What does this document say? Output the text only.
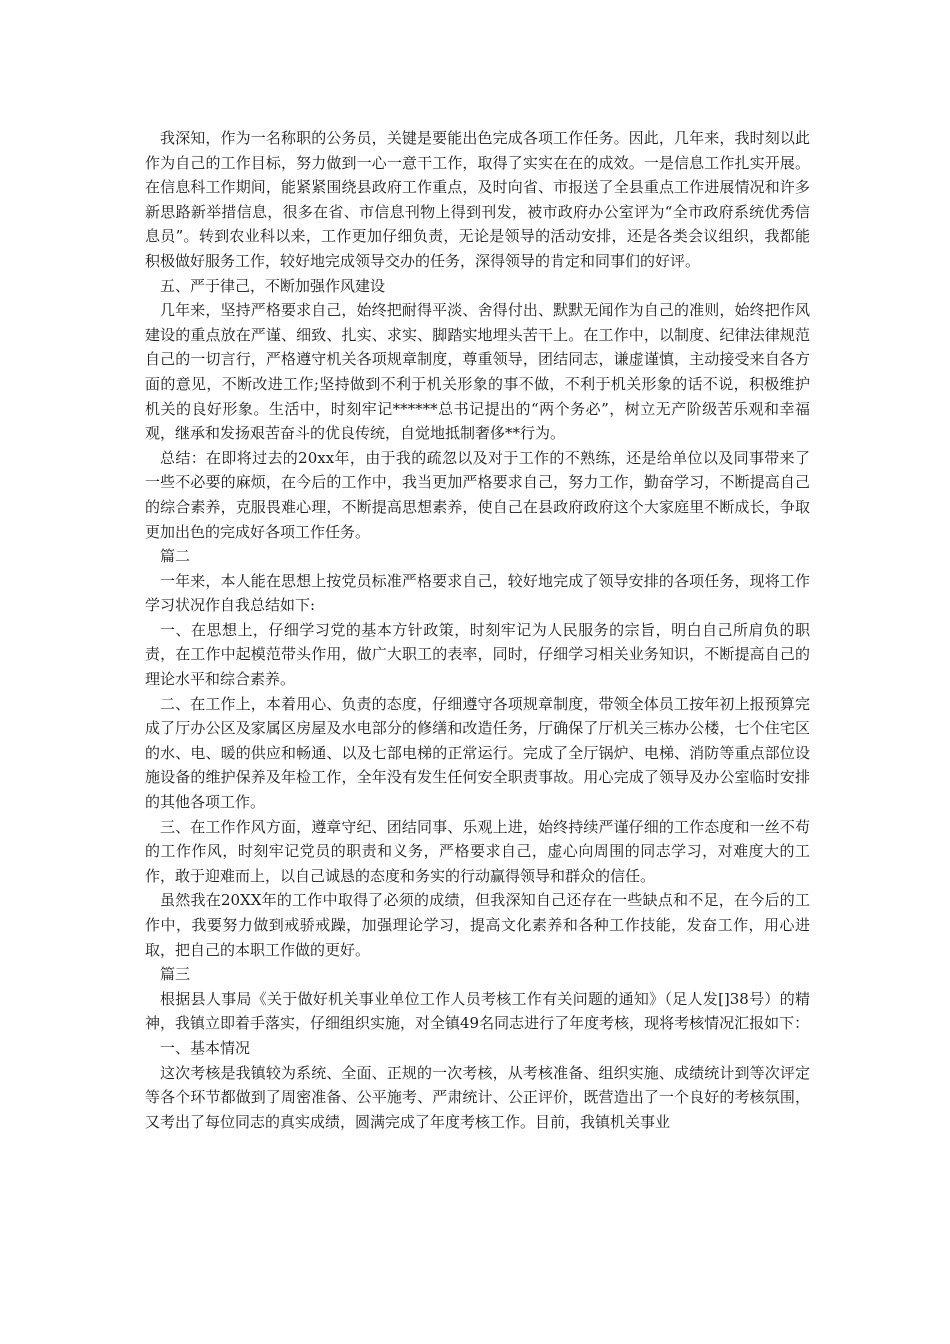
我深知，作为一名称职的公务员，关键是要能出色完成各项工作任务。因此，几年来，我时刻以此作为自己的工作目标，努力做到一心一意干工作，取得了实实在在的成效。一是信息工作扎实开展。在信息科工作期间，能紧紧围绕县政府工作重点，及时向省、市报送了全县重点工作进展情况和许多新思路新举措信息，很多在省、市信息刊物上得到刊发，被市政府办公室评为“全市政府系统优秀信息员”。转到农业科以来，工作更加仔细负责，无论是领导的活动安排，还是各类会议组织，我都能积极做好服务工作，较好地完成领导交办的任务，深得领导的肯定和同事们的好评。

五、严于律己，不断加强作风建设

几年来，坚持严格要求自己，始终把耐得平淡、舍得付出、默默无闻作为自己的准则，始终把作风建设的重点放在严谨、细致、扎实、求实、脚踏实地埋头苦干上。在工作中，以制度、纪律法律规范自己的一切言行，严格遵守机关各项规章制度，尊重领导，团结同志，谦虚谨慎，主动接受来自各方面的意见，不断改进工作;坚持做到不利于机关形象的事不做，不利于机关形象的话不说，积极维护机关的良好形象。生活中，时刻牢记******总书记提出的“两个务必”，树立无产阶级苦乐观和幸福观，继承和发扬艰苦奋斗的优良传统，自觉地抵制奢侈**行为。

总结：在即将过去的20xx年，由于我的疏忽以及对于工作的不熟练，还是给单位以及同事带来了一些不必要的麻烦，在今后的工作中，我当更加严格要求自己，努力工作，勤奋学习，不断提高自己的综合素养，克服畏难心理，不断提高思想素养，使自己在县政府政府这个大家庭里不断成长，争取更加出色的完成好各项工作任务。

篇二

一年来，本人能在思想上按党员标准严格要求自己，较好地完成了领导安排的各项任务，现将工作学习状况作自我总结如下:

一、在思想上，仔细学习党的基本方针政策，时刻牢记为人民服务的宗旨，明白自己所肩负的职责，在工作中起模范带头作用，做广大职工的表率，同时，仔细学习相关业务知识，不断提高自己的理论水平和综合素养。

二、在工作上，本着用心、负责的态度，仔细遵守各项规章制度，带领全体员工按年初上报预算完成了厅办公区及家属区房屋及水电部分的修缮和改造任务，厅确保了厅机关三栋办公楼，七个住宅区的水、电、暖的供应和畅通、以及七部电梯的正常运行。完成了全厅锅炉、电梯、消防等重点部位设施设备的维护保养及年检工作，全年没有发生任何安全职责事故。用心完成了领导及办公室临时安排的其他各项工作。

三、在工作作风方面，遵章守纪、团结同事、乐观上进，始终持续严谨仔细的工作态度和一丝不苟的工作作风，时刻牢记党员的职责和义务，严格要求自己，虚心向周围的同志学习，对难度大的工作，敢于迎难而上，以自己诚恳的态度和务实的行动赢得领导和群众的信任。

虽然我在20XX年的工作中取得了必须的成绩，但我深知自己还存在一些缺点和不足，在今后的工作中，我要努力做到戒骄戒躁，加强理论学习，提高文化素养和各种工作技能，发奋工作，用心进取，把自己的本职工作做的更好。

篇三

根据县人事局《关于做好机关事业单位工作人员考核工作有关问题的通知》（足人发[]38号）的精神，我镇立即着手落实，仔细组织实施，对全镇49名同志进行了年度考核，现将考核情况汇报如下：

一、基本情况

这次考核是我镇较为系统、全面、正规的一次考核，从考核准备、组织实施、成绩统计到等次评定等各个环节都做到了周密准备、公平施考、严肃统计、公正评价，既营造出了一个良好的考核氛围，又考出了每位同志的真实成绩，圆满完成了年度考核工作。目前，我镇机关事业
